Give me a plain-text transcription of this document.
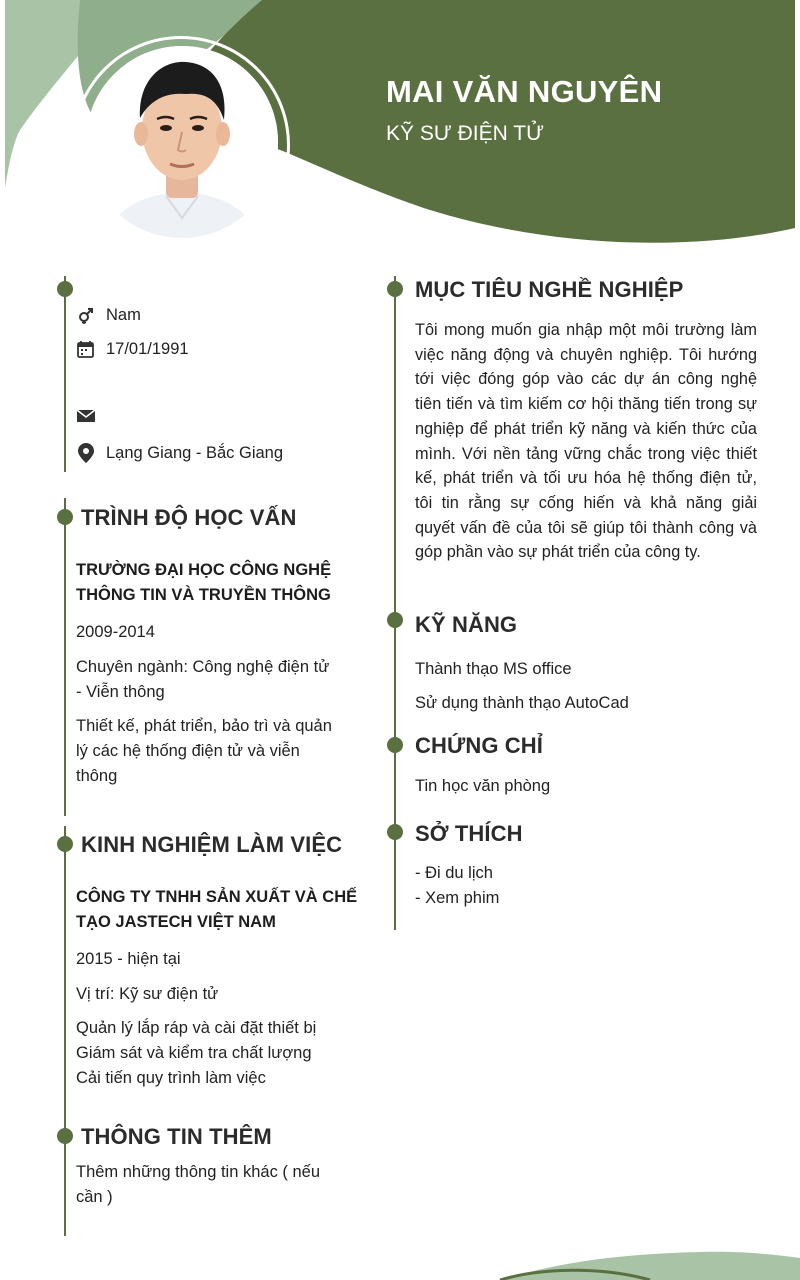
MAI VĂN NGUYÊN
KỸ SƯ ĐIỆN TỬ
Nam
17/01/1991
Lạng Giang - Bắc Giang
TRÌNH ĐỘ HỌC VẤN
TRƯỜNG ĐẠI HỌC CÔNG NGHỆ
THÔNG TIN VÀ TRUYỀN THÔNG
2009-2014
Chuyên ngành: Công nghệ điện tử
- Viễn thông
Thiết kế, phát triển, bảo trì và quản
lý các hệ thống điện tử và viễn
thông
KINH NGHIỆM LÀM VIỆC
CÔNG TY TNHH SẢN XUẤT VÀ CHẾ
TẠO JASTECH VIỆT NAM
2015 - hiện tại
Vị trí: Kỹ sư điện tử
Quản lý lắp ráp và cài đặt thiết bị
Giám sát và kiểm tra chất lượng
Cải tiến quy trình làm việc
THÔNG TIN THÊM
Thêm những thông tin khác ( nếu
cần )
MỤC TIÊU NGHỀ NGHIỆP
Tôi mong muốn gia nhập một môi trường làm việc năng động và chuyên nghiệp. Tôi hướng tới việc đóng góp vào các dự án công nghệ tiên tiến và tìm kiếm cơ hội thăng tiến trong sự nghiệp để phát triển kỹ năng và kiến thức của mình. Với nền tảng vững chắc trong việc thiết kế, phát triển và tối ưu hóa hệ thống điện tử, tôi tin rằng sự cống hiến và khả năng giải quyết vấn đề của tôi sẽ giúp tôi thành công và góp phần vào sự phát triển của công ty.
KỸ NĂNG
Thành thạo MS office
Sử dụng thành thạo AutoCad
CHỨNG CHỈ
Tin học văn phòng
SỞ THÍCH
- Đi du lịch
- Xem phim
